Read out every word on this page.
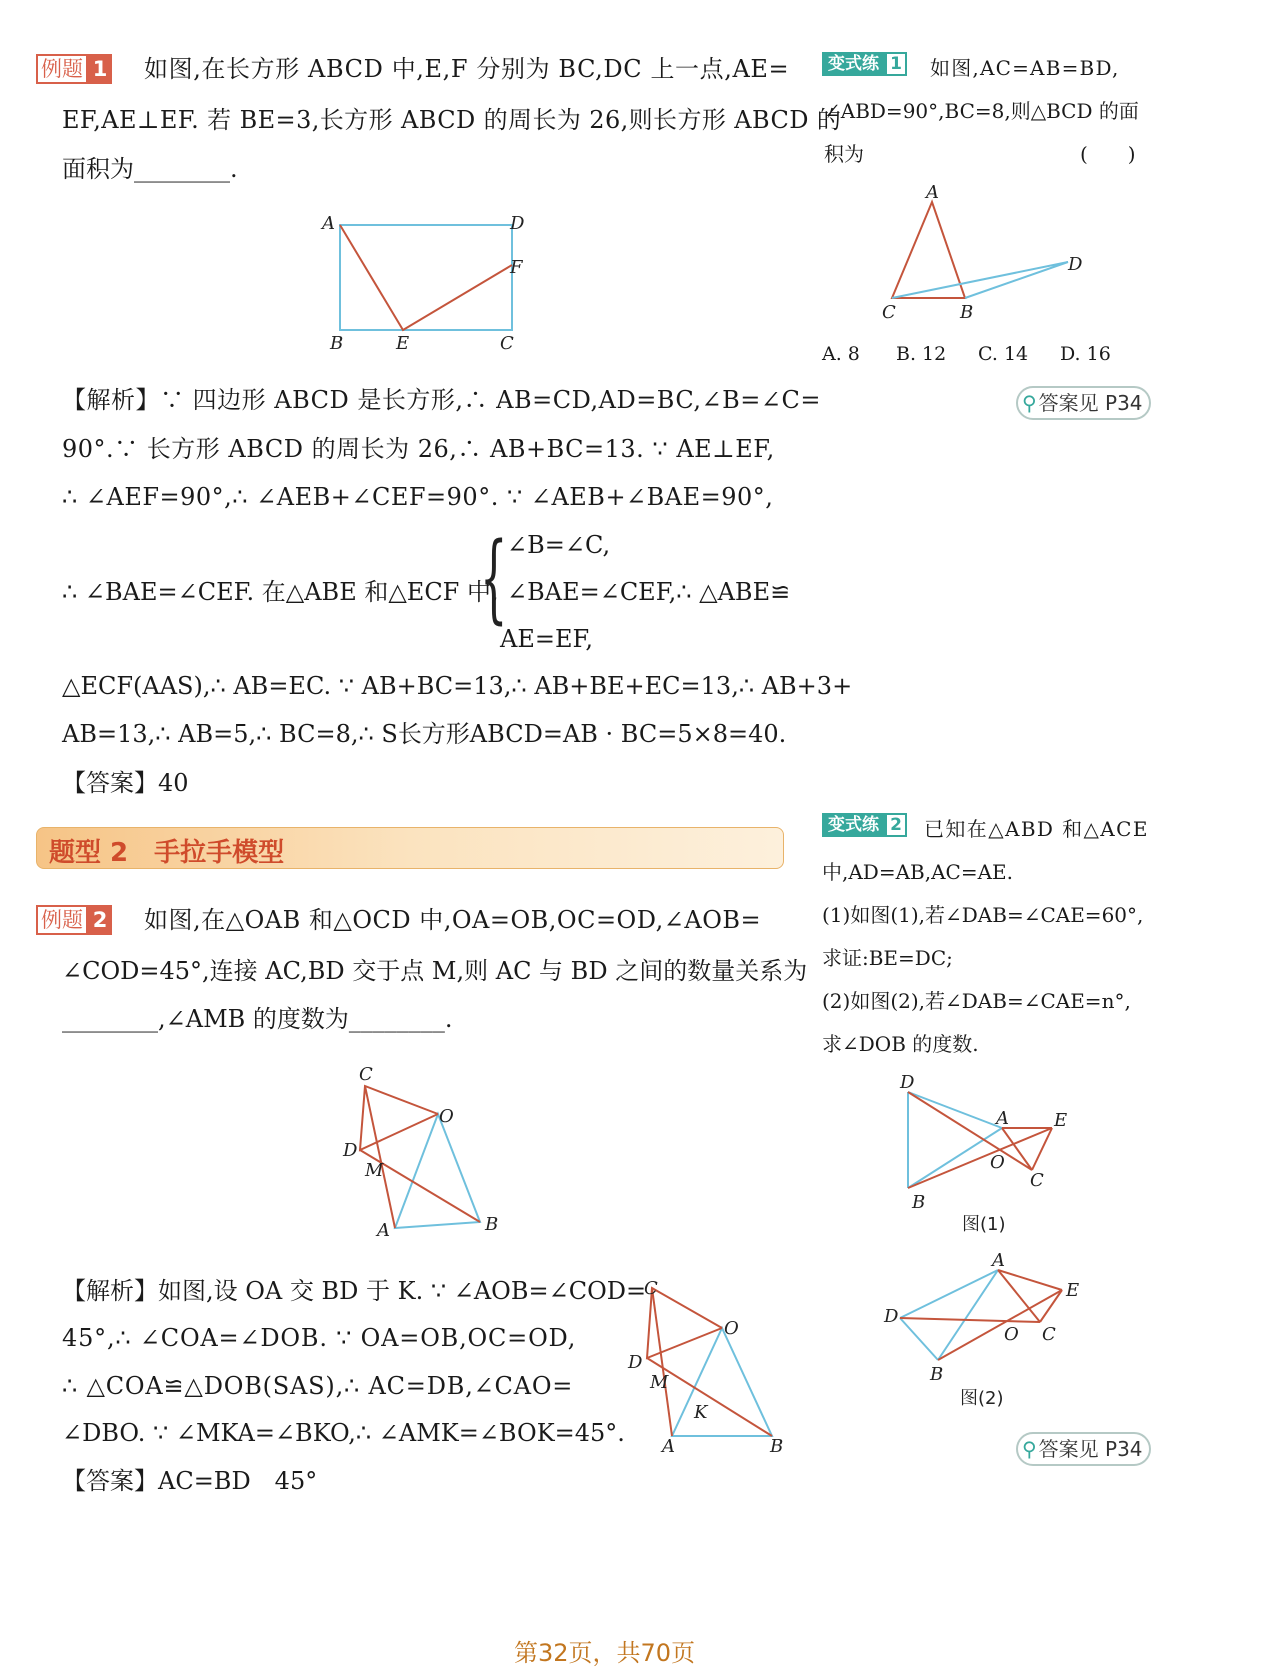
例题 1 如图,在长方形 ABCD 中,E,F 分别为 BC,DC 上一点,AE=
EF,AE⊥EF. 若 BE=3,长方形 ABCD 的周长为 26,则长方形 ABCD 的
面积为________.
A	D
F
B	E	C
【解析】∵ 四边形 ABCD 是长方形,∴ AB=CD,AD=BC,∠B=∠C=
90°.∵ 长方形 ABCD 的周长为 26,∴ AB+BC=13. ∵ AE⊥EF,
∴ ∠AEF=90°,∴ ∠AEB+∠CEF=90°. ∵ ∠AEB+∠BAE=90°,
∴ ∠BAE=∠CEF. 在△ABE 和△ECF 中,
{ ∠B=∠C,
∠BAE=∠CEF,∴ △ABE≌
AE=EF,
△ECF(AAS),∴ AB=EC. ∵ AB+BC=13,∴ AB+BE+EC=13,∴ AB+3+
AB=13,∴ AB=5,∴ BC=8,∴ S长方形ABCD=AB · BC=5×8=40.
【答案】40
题型 2　手拉手模型
例题 2 如图,在△OAB 和△OCD 中,OA=OB,OC=OD,∠AOB=
∠COD=45°,连接 AC,BD 交于点 M,则 AC 与 BD 之间的数量关系为
________,∠AMB 的度数为________.
C
O
D
M
A	B
【解析】如图,设 OA 交 BD 于 K. ∵ ∠AOB=∠COD=
45°,∴ ∠COA=∠DOB. ∵ OA=OB,OC=OD,
∴ △COA≌△DOB(SAS),∴ AC=DB,∠CAO=
∠DBO. ∵ ∠MKA=∠BKO,∴ ∠AMK=∠BOK=45°.
【答案】AC=BD　45°
C
O
D
M
K
A	B
变式练 1 如图,AC=AB=BD,
∠ABD=90°,BC=8,则△BCD 的面
积为	(　　)
A
C	B
D
A. 8 B. 12 C. 14 D. 16
⚲ 答案见 P34
变式练 2 已知在△ABD 和△ACE
中,AD=AB,AC=AE.
(1)如图(1),若∠DAB=∠CAE=60°,
求证:BE=DC;
(2)如图(2),若∠DAB=∠CAE=n°,
求∠DOB 的度数.
D
A	E
O
C
B
图(1)
A
E
D
O C
B
图(2)
⚲ 答案见 P34
第32页，共70页
